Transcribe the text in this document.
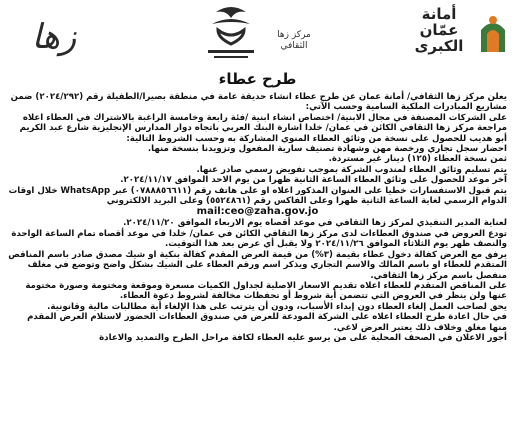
زها	مركز زها الثقافي
أمانة عمّان الكبرى
طرح عطاء

يعلن مركز زها الثقافي/ أمانة عمان عن طرح عطاء انشاء حديقة عامة في منطقة بصيرا/الطفيلة رقم (٢٠٢٤/٢٩٢) ضمن مشاريع المبادرات الملكية السامية وحسب الآتي:

على الشركات المصنفة في مجال الابنية/ اختصاص انشاء ابنية /فئة رابعة وخامسة الراغبة بالاشتراك في العطاء اعلاه مراجعة مركز زها الثقافي الكائن في عمان/ خلدا اشارة البنك العربي باتجاه دوار المدارس الإنجليزية شارع عبد الكريم أبو هديب للحصول على نسخة من وثائق العطاء المنوي المشاركة به وحسب الشروط التالية:

احضار سجل تجاري ورخصة مهن وشهادة تصنيف سارية المفعول وتزويدنا بنسخة منها.

ثمن نسخة العطاء (١٢٥) دينار غير مستردة.

يتم تسليم وثائق العطاء لمندوب الشركة بموجب تفويض رسمي صادر عنها.

آخر موعد للحصول على وثائق العطاء الساعة الثانية ظهرا من يوم الاحد الموافق ٢٠٢٤/١١/١٧.

يتم قبول الاستفسارات خطيا على العنوان المذكور اعلاه او على هاتف رقم (٠٧٨٨٨٥٦٦١١) عبر WhatsApp خلال اوقات الدوام الرسمي لغاية الساعة الثانية ظهرا وعلى الفاكس رقم (٥٥٢٤٨٦١) وعلى البريد الالكتروني

mail:ceo@zaha.gov.jo

لعناية المدير التنفيذي لمركز زها الثقافي في موعد أقصاه يوم الاربعاء الموافق ٢٠٢٤/١١/٢٠.

تودع العروض في صندوق العطاءات لدى مركز زها الثقافي الكائن في عمان/ خلدا في موعد أقصاه تمام الساعة الواحدة والنصف ظهر يوم الثلاثاء الموافق ٢٠٢٤/١١/٢٦ ولا يقبل أي عرض بعد هذا التوقيت.

يرفق مع العرض كفالة دخول عطاء بقيمة (٣%) من قيمة العرض المقدم كفالة بنكية او شيك مصدق صادر باسم المناقص المتقدم للعطاء او باسم المالك والاسم التجاري ويذكر اسم ورقم العطاء على الشيك بشكل واضح وتوضع في مغلف منفصل باسم مركز زها الثقافي.

على المناقص المتقدم للعطاء اعلاه تقديم الاسعار الاصلية لجداول الكميات مسعرة وموقعة ومختومة وصورة مختومة عنها ولن ينظر في العروض التي تتضمن أية شروط أو تحفظات مخالفة لشروط دعوة العطاء.

يحق لصاحب العمل إلغاء العطاء دون إبداء الأسباب، ودون أن يترتب على هذا الإلغاء أية مطالبات مالية وقانونية.

في حال اعادة طرح العطاء اعلاه على الشركة المودعة للعرض في صندوق العطاءات الحضور لاستلام العرض المقدم منها مغلق وخلاف ذلك يعتبر العرض لاغي.

أجور الاعلان في الصحف المحلية على من يرسو عليه العطاء لكافة مراحل الطرح والتمديد والاعادة
